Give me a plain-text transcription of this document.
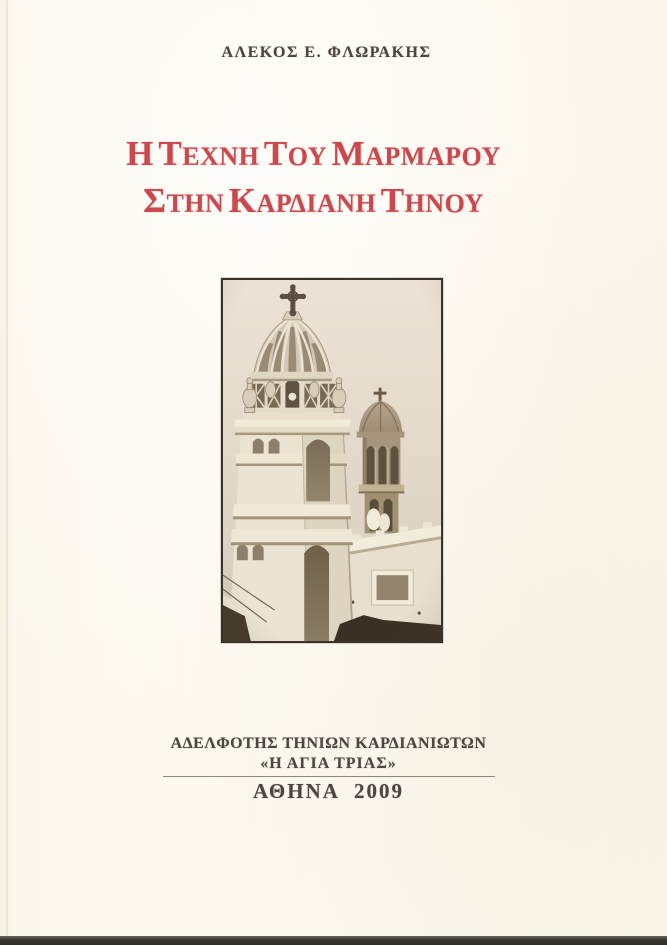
ΑΛΕΚΟΣ Ε. ΦΛΩΡΑΚΗΣ
Η ΤΕΧΝΗ ΤΟΥ ΜΑΡΜΑΡΟΥ
ΣΤΗΝ ΚΑΡΔΙΑΝΗ ΤΗΝΟΥ
ΑΔΕΛΦΟΤΗΣ ΤΗΝΙΩΝ ΚΑΡΔΙΑΝΙΩΤΩΝ
«Η ΑΓΙΑ ΤΡΙΑΣ»
ΑΘΗΝΑ 2009
